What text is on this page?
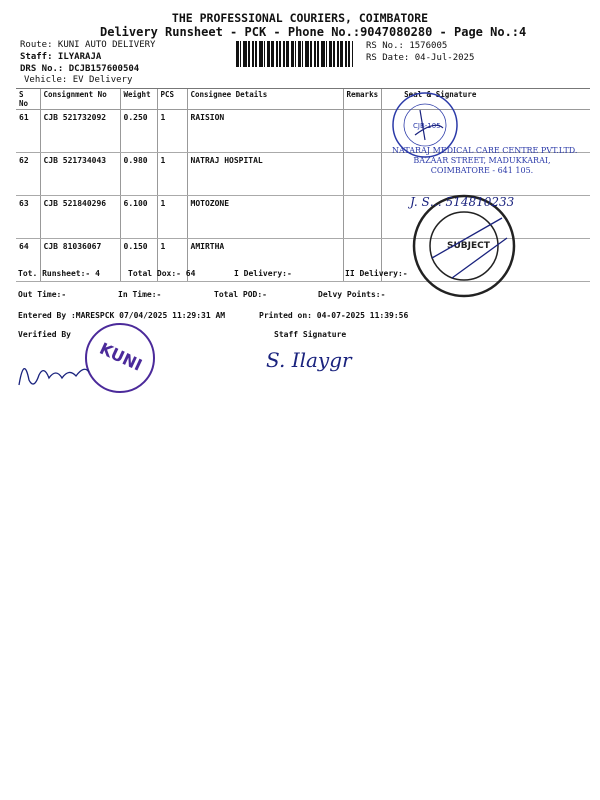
THE PROFESSIONAL COURIERS, COIMBATORE
Delivery Runsheet - PCK - Phone No.:9047080280 - Page No.:4
Route: KUNI AUTO DELIVERY
Staff: ILYARAJA
DRS No.: DCJB157600504
Vehicle: EV Delivery
RS No.: 1576005
RS Date: 04-Jul-2025
S No	Consignment No	Weight	PCS	Consignee Details	Remarks	Seal & Signature
61	CJB 521732092	0.250	1	RAISION		
62	CJB 521734043	0.980	1	NATRAJ HOSPITAL		
63	CJB 521840296	6.100	1	MOTOZONE		
64	CJB 81036067	0.150	1	AMIRTHA		
Tot. Runsheet:- 4	Total Dox:- 64	I Delivery:-	II Delivery:-
Out Time:-	In Time:-	Total POD:-	Delvy Points:-
Entered By :MARESPCK 07/04/2025 11:29:31 AM	Printed on: 04-07-2025 11:39:56
Verified By	Staff Signature
CJB-105
NATARAJ MEDICAL CARE CENTRE PVT.LTD.
BAZAAR STREET, MADUKKARAI,
COIMBATORE - 641 105.
SUBJECT
J. S… 514810233
KUNI	S. Ilaygr
